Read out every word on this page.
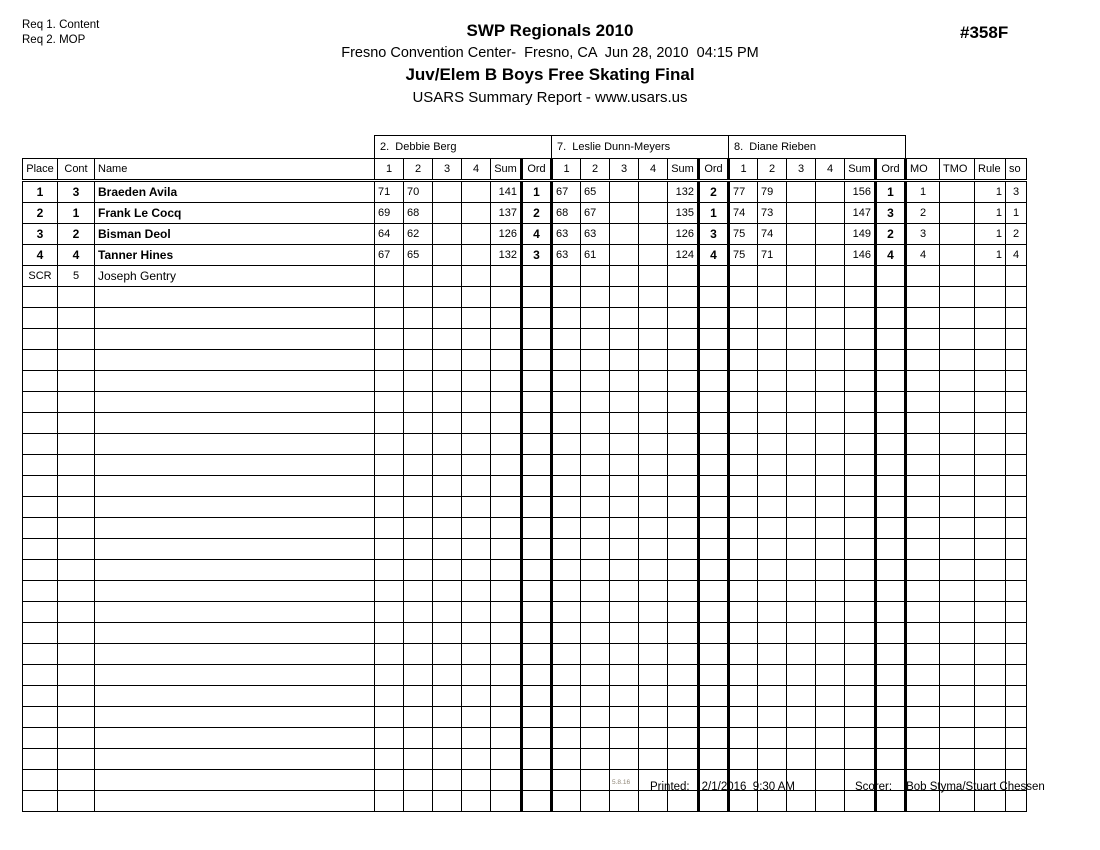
Req 1. Content
Req 2. MOP	SWP Regionals 2010
Fresno Convention Center-  Fresno, CA  Jun 28, 2010  04:15 PM
Juv/Elem B Boys Free Skating Final
USARS Summary Report - www.usars.us
#358F
			2.  Debbie Berg						7.  Leslie Dunn-Meyers						8.  Diane Rieben									
Place	Cont	Name	1	2	3	4	Sum	Ord	1	2	3	4	Sum	Ord	1	2	3	4	Sum	Ord	MO	TMO	Rule	so
1	3	Braeden Avila	71	70			141	1	67	65			132	2	77	79			156	1	1		1	3
2	1	Frank Le Cocq	69	68			137	2	68	67			135	1	74	73			147	3	2		1	1
3	2	Bisman Deol	64	62			126	4	63	63			126	3	75	74			149	2	3		1	2
4	4	Tanner Hines	67	65			132	3	63	61			124	4	75	71			146	4	4		1	4
SCR	5	Joseph Gentry																						

5.8.16 Printed: 2/1/2016  9:30 AM	Scorer: Bob Styma/Stuart Chessen
